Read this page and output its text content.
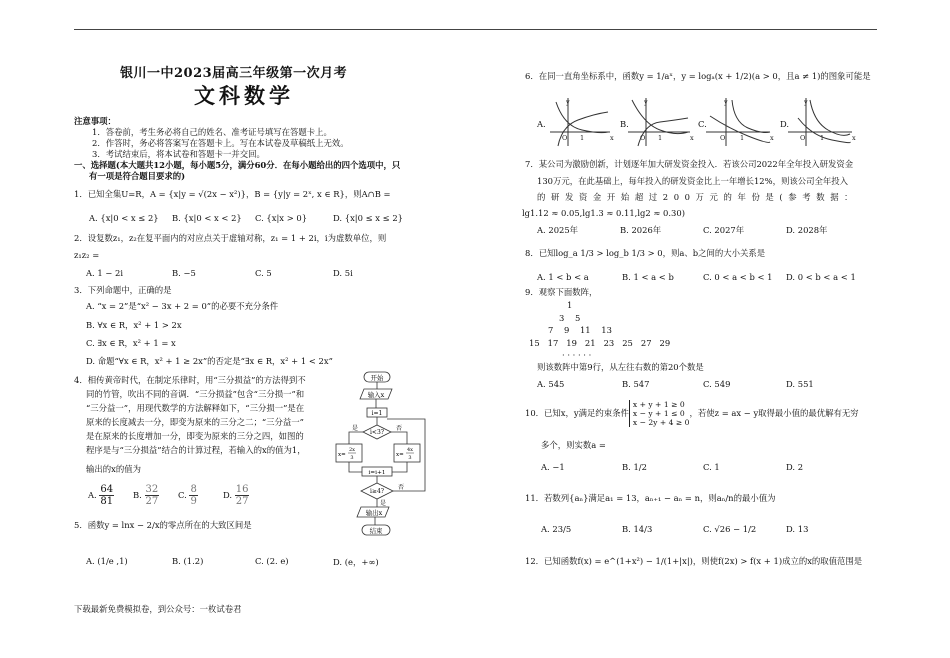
银川一中2023届高三年级第一次月考
文科数学
注意事项：
1．答卷前，考生务必将自己的姓名、准考证号填写在答题卡上。
2．作答时，务必将答案写在答题卡上。写在本试卷及草稿纸上无效。
3．考试结束后，将本试卷和答题卡一并交回。
一、选择题(本大题共12小题，每小题5分，满分60分．在每小题给出的四个选项中，只
有一项是符合题目要求的)
1．已知全集U=R，A = {x|y = √(2x − x²)}，B = {y|y = 2ˣ, x ∈ R}，则A∩B =
A. {x|0 < x ≤ 2} B. {x|0 < x < 2} C. {x|x > 0}	D. {x|0 ≤ x ≤ 2}
2．设复数z₁，z₂在复平面内的对应点关于虚轴对称，z₁ = 1 + 2i，i为虚数单位，则
z₁z₂ =
A. 1 − 2i	B. −5	C. 5	D. 5i
3．下列命题中，正确的是
A. “x = 2”是“x² − 3x + 2 = 0”的必要不充分条件
B. ∀x ∈ R，x² + 1 > 2x
C. ∃x ∈ R，x² + 1 = x
D. 命题“∀x ∈ R，x² + 1 ≥ 2x”的否定是“∃x ∈ R，x² + 1 < 2x”
4．相传黄帝时代，在制定乐律时，用“三分损益”的方法得到不
同的竹管，吹出不同的音调．“三分损益”包含“三分损一”和
“三分益一”，用现代数学的方法解释如下，“三分损一”是在
原来的长度减去一分，即变为原来的三分之二；“三分益一”
是在原来的长度增加一分，即变为原来的三分之四，如图的
程序是与“三分损益”结合的计算过程，若输入的x的值为1，
输出的x的值为
A. $\frac{64}{81} B$. $\frac{32}{27} C$. $\frac{8}{9}$	D. $\frac{16}{27}$
开始
输入x
i=1
i<3?
是	否
x=
2x
3	x=
4x
3
i=i+1
i≥4?
否
是
输出x
结束
5．函数y = lnx − 2/x的零点所在的大致区间是
A. (1/e ,1)	B. (1.2)	C. (2. e)	D. (e，+∞)
下载最新免费模拟卷，到公众号：一枚试卷君
6．在同一直角坐标系中，函数y = 1/aˣ，y = logₐ(x + 1/2)(a > 0，且a ≠ 1)的图象可能是
A.	B.	C.	D.
y	y	y	y
x	x	x	x
O	O	O	O
1	1	1	1
7．某公司为激励创新，计划逐年加大研发资金投入．若该公司2022年全年投入研发资金
130万元，在此基础上，每年投入的研发资金比上一年增长12%，则该公司全年投入
的研发资金开始超过200万元的年份是(参考数据：
lg1.12 ≈ 0.05,lg1.3 ≈ 0.11,lg2 ≈ 0.30)
A. 2025年	B. 2026年	C. 2027年	D. 2028年
8．已知log_a 1/3 > log_b 1/3 > 0，则a、b之间的大小关系是
A. 1 < b < a	B. 1 < a < b	C. 0 < a < b < 1 D. 0 < b < a < 1
9．观察下面数阵，
1
3    5
7    9    11    13
15   17   19   21   23   25   27   29
· · · · · ·
则该数阵中第9行，从左往右数的第20个数是
A. 545	B. 547	C. 549	D. 551
10．已知x，y满足约束条件
x + y + 1 ≥ 0
x − y + 1 ≤ 0
x − 2y + 4 ≥ 0
，若使z = ax − y取得最小值的最优解有无穷
多个，则实数a =
A. −1	B. 1/2	C. 1	D. 2
11．若数列{aₙ}满足a₁ = 13，aₙ₊₁ − aₙ = n，则aₙ/n的最小值为
A. 23/5	B. 14/3	C. √26 − 1/2	D. 13
12．已知函数f(x) = e^(1+x²) − 1/(1+|x|)，则使f(2x) > f(x + 1)成立的x的取值范围是
